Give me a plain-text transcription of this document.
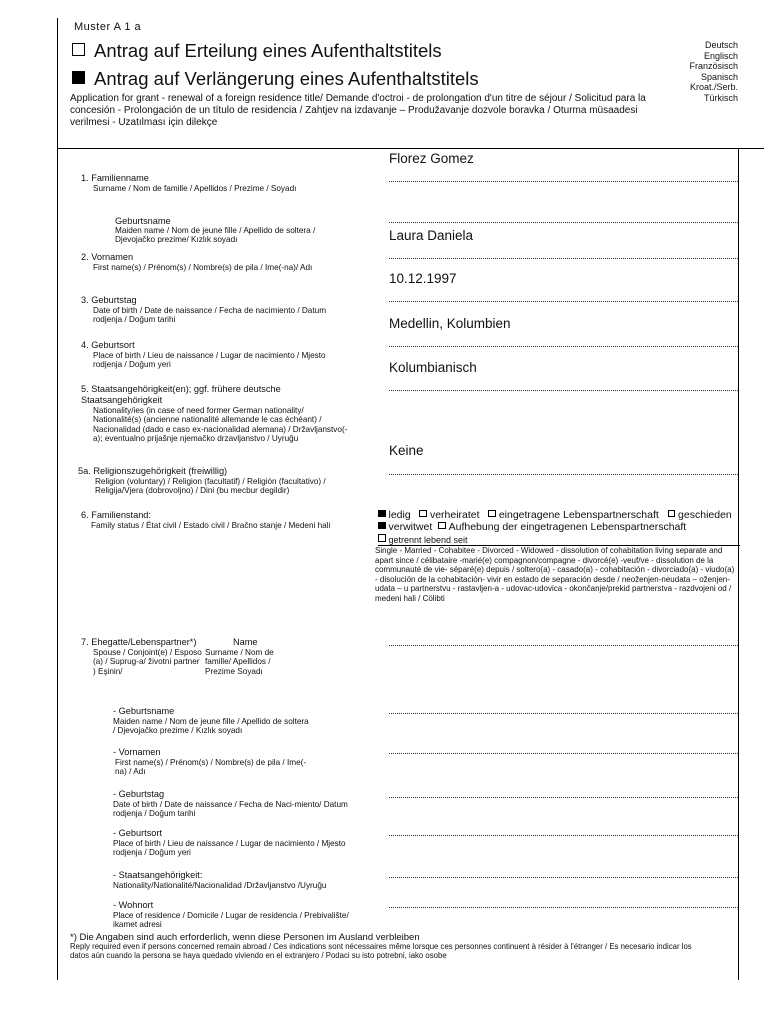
Muster A 1 a
Antrag auf Erteilung eines Aufenthaltstitels
Antrag auf Verlängerung eines Aufenthaltstitels
Application for grant - renewal of a foreign residence title/ Demande d'octroi - de prolongation d'un titre de séjour / Solicitud para la concesión - Prolongación de un título de residencia / Zahtjev na izdavanje – Produžavanje dozvole boravka / Oturma müsaadesi verilmesi - Uzatılması için dilekçe
Deutsch
Englisch
Französisch
Spanisch
Kroat./Serb.
Türkisch
1. Familienname
Surname / Nom de famille / Apellidos / Prezime / Soyadı
Florez Gomez
Geburtsname
Maiden name / Nom de jeune fille / Apellido de soltera / Djevojačko prezime/ Kızlık soyadı
2. Vornamen
First name(s) / Prénom(s) / Nombre(s) de pila / Ime(-na)/ Adı
Laura Daniela
3. Geburtstag
Date of birth / Date de naissance / Fecha de nacimiento / Datum rodjenja / Doğum tarihi
10.12.1997
4. Geburtsort
Place of birth / Lieu de naissance / Lugar de nacimiento / Mjesto rodjenja / Doğum yeri
Medellin, Kolumbien
5. Staatsangehörigkeit(en); ggf. frühere deutsche Staatsangehörigkeit
Nationality/ies (in case of need former German nationality/ Nationalité(s) (ancienne nationalité allemande le cas échéant) / Nacionalidad (dado e caso ex-nacionalidad alemana) / Državljanstvo(-a); eventualno prijašnje njemačko drzavljanstvo / Uyruğu
Kolumbianisch
5a. Religionszugehörigkeit (freiwillig)
Religion (voluntary) / Religion (facultatif) / Religión (facultativo) / Religija/Vjera (dobrovoljno) / Dini (bu mecbur degildir)
Keine
6. Familienstand:
Family status / État civil / Estado civil / Bračno stanje / Medeni hali
ledig verheiratet eingetragene Lebenspartnerschaft geschieden
verwitwet Aufhebung der eingetragenen Lebenspartnerschaft
getrennt lebend seit
Single - Married - Cohabitee - Divorced - Widowed - dissolution of cohabitation living separate and apart since / célibataire -marié(e) compagnon/compagne - divorcé(e) -veuf/ve - dissolution de la communauté de vie- séparé(e) depuis / soltero(a) - casado(a) - cohabitación - divorciado(a) - viudo(a) - disolución de la cohabitación- vivir en estado de separación desde / neoženjen-neudata – oženjen-udata – u partnerstvu - rastavljen-a - udovac-udovica - okončanje/prekid partnerstva - razdvojeni od / medeni hali / Cölibti
7. Ehegatte/Lebenspartner*)	Name
Spouse / Conjoint(e) / Esposo (a) / Suprug-a/ životni partner ) Eşinin/
Surname / Nom de famille/ Apellidos / Prezime Soyadı
- Geburtsname
Maiden name / Nom de jeune fille / Apellido de soltera / Djevojačko prezime / Kızlık soyadı
- Vornamen
First name(s) / Prénom(s) / Nombre(s) de pila / Ime(-na) / Adı
- Geburtstag
Date of birth / Date de naissance / Fecha de Naci-miento/ Datum rodjenja / Doğum tarihi
- Geburtsort
Place of birth / Lieu de naissance / Lugar de nacimiento / Mjesto rodjenja / Doğum yeri
- Staatsangehörigkeit:
Nationality/Nationalité/Nacionalidad /Državljanstvo /Uyruğu
- Wohnort
Place of residence / Domicile / Lugar de residencia / Prebivalište/ ikamet adresi
*) Die Angaben sind auch erforderlich, wenn diese Personen im Ausland verbleiben
Reply required even if persons concerned remain abroad / Ces indications sont nécessaires même lorsque ces personnes continuent à résider à l'étranger / Es necesario indicar los datos aún cuando la persona se haya quedado viviendo en el extranjero / Podaci su isto potrebni, iako osobe
